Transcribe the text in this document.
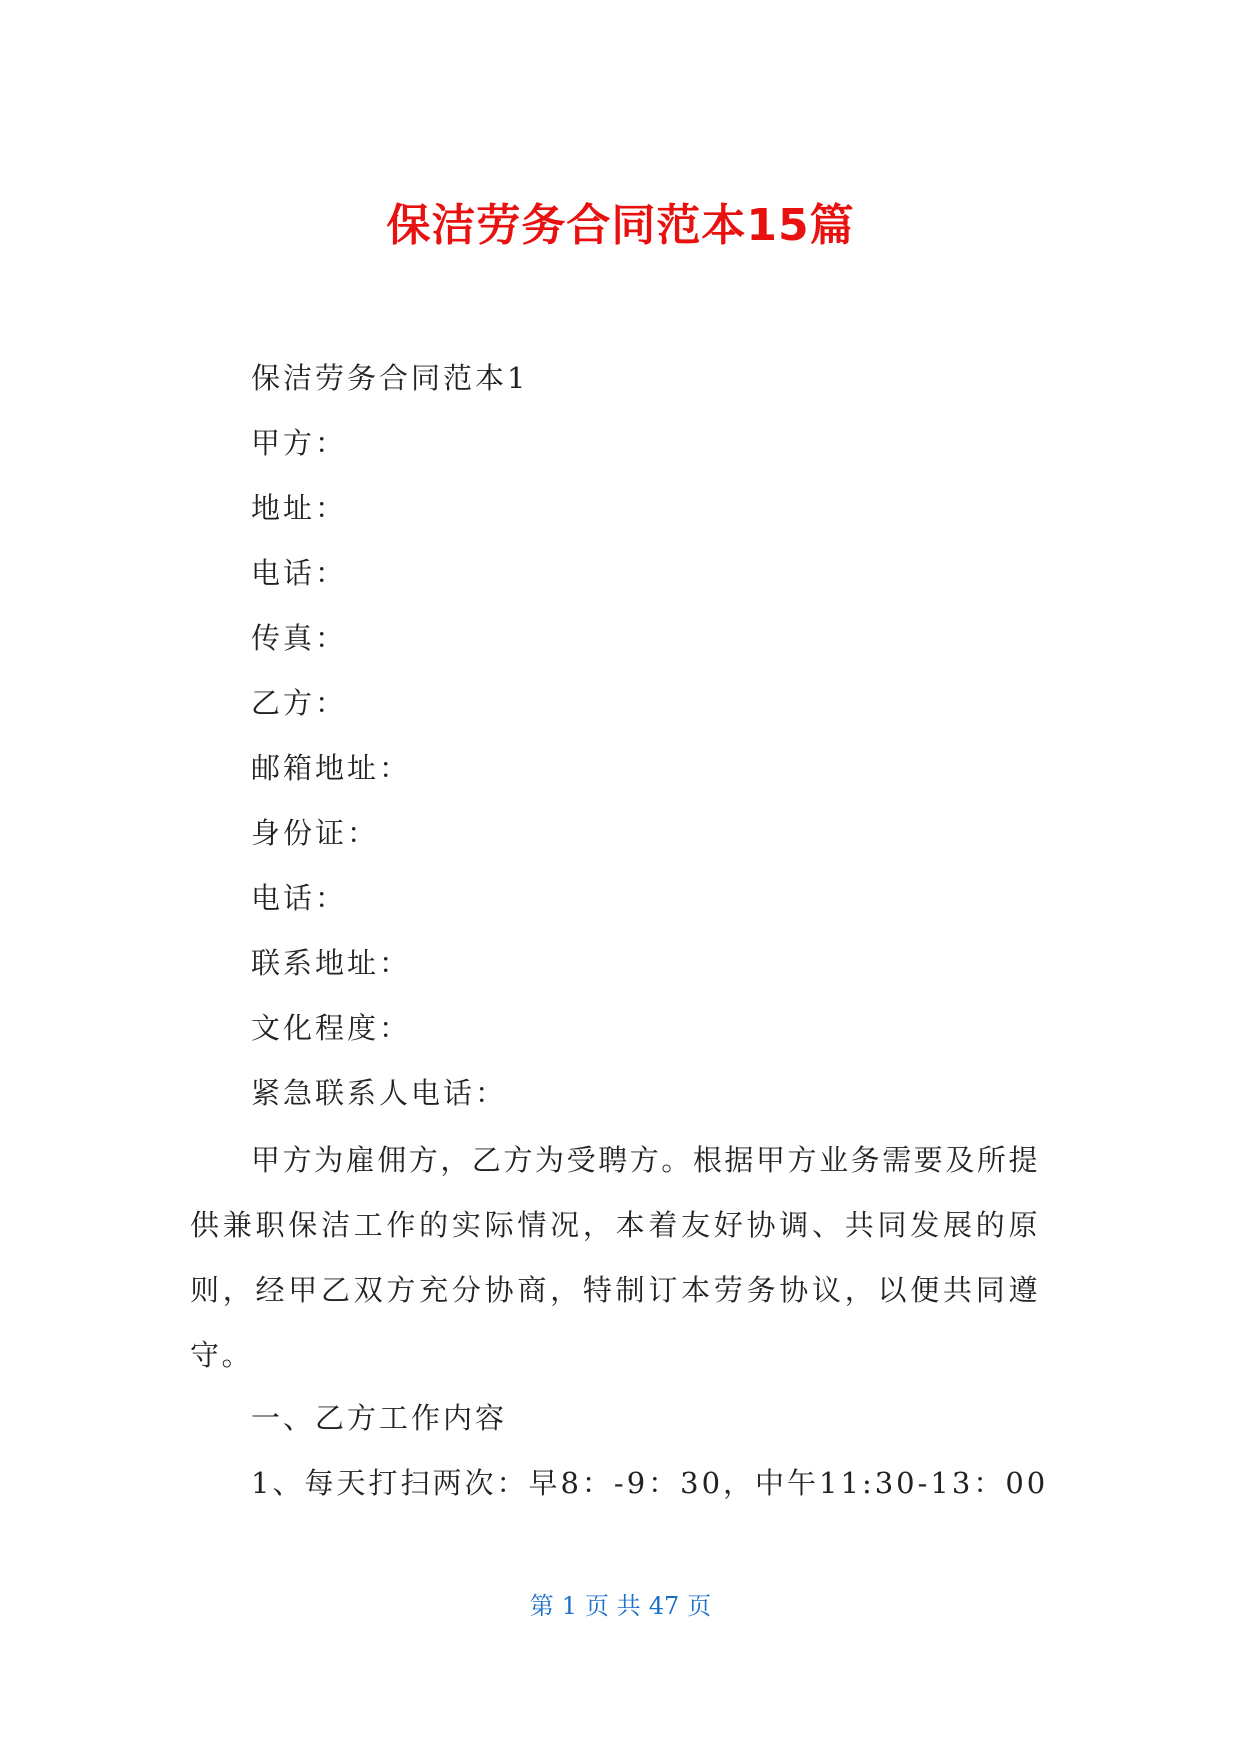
保洁劳务合同范本15篇
保洁劳务合同范本1
甲方：
地址：
电话：
传真：
乙方：
邮箱地址：
身份证：
电话：
联系地址：
文化程度：
紧急联系人电话：
甲方为雇佣方，乙方为受聘方。根据甲方业务需要及所提供兼职保洁工作的实际情况，本着友好协调、共同发展的原则，经甲乙双方充分协商，特制订本劳务协议，以便共同遵守。
一、乙方工作内容
1、每天打扫两次：早8：-9：30，中午11:30-13：00
第 1 页 共 47 页
